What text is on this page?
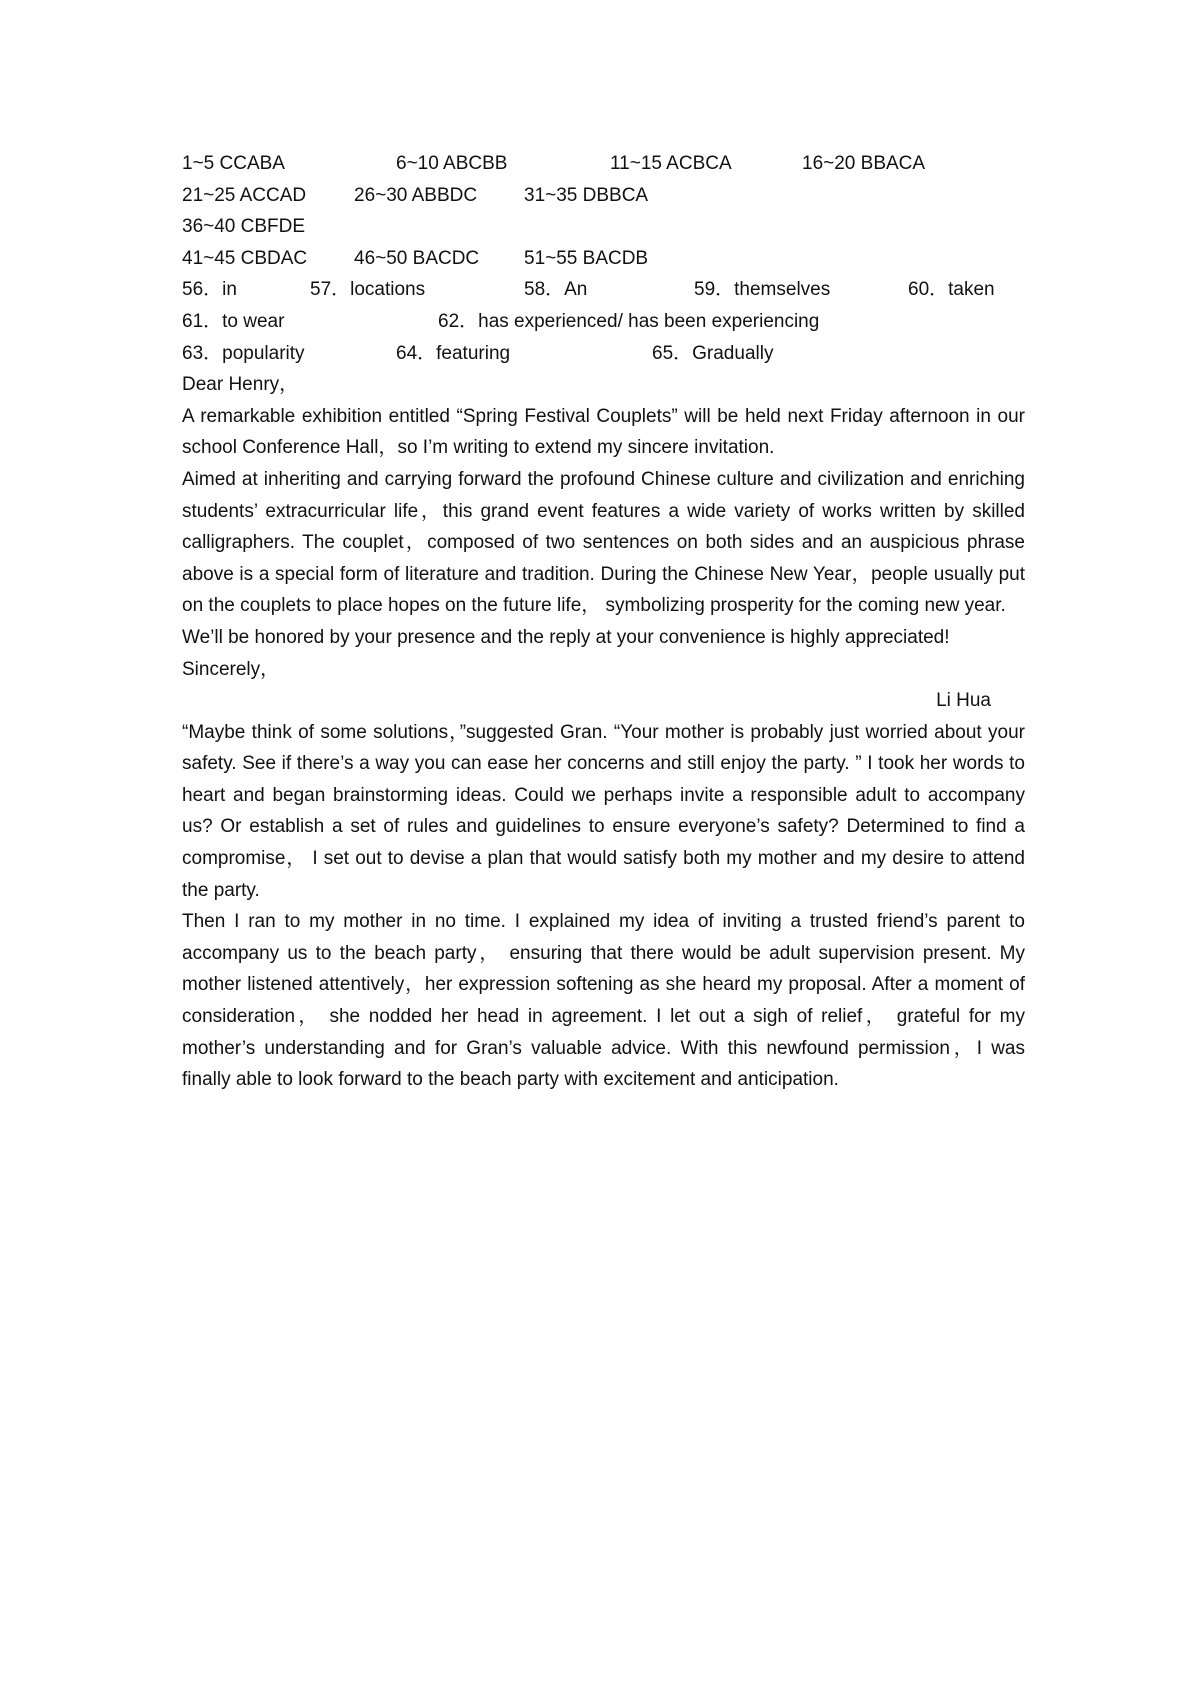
1~5 CCABA	6~10 ABCBB	11~15 ACBCA	16~20 BBACA
21~25 ACCAD	26~30 ABBDC 31~35 DBBCA
36~40 CBFDE
41~45 CBDAC 46~50 BACDC 51~55 BACDB
56．in	57．locations	58．An	59．themselves	60．taken
61．to wear	62．has experienced/ has been experiencing
63．popularity	64．featuring	65．Gradually
Dear Henry，
A remarkable exhibition entitled “Spring Festival Couplets” will be held next Friday afternoon in our school Conference Hall，so I’m writing to extend my sincere invitation.
Aimed at inheriting and carrying forward the profound Chinese culture and civilization and enriching students’ extracurricular life，this grand event features a wide variety of works written by skilled calligraphers. The couplet，composed of two sentences on both sides and an auspicious phrase above is a special form of literature and tradition. During the Chinese New Year，people usually put on the couplets to place hopes on the future life， symbolizing prosperity for the coming new year.
We’ll be honored by your presence and the reply at your convenience is highly appreciated!
Sincerely，
Li Hua
“Maybe think of some solutions，”suggested Gran. “Your mother is probably just worried about your safety. See if there’s a way you can ease her concerns and still enjoy the party. ” I took her words to heart and began brainstorming ideas. Could we perhaps invite a responsible adult to accompany us? Or establish a set of rules and guidelines to ensure everyone’s safety? Determined to find a compromise， I set out to devise a plan that would satisfy both my mother and my desire to attend the party.
Then I ran to my mother in no time. I explained my idea of inviting a trusted friend’s parent to accompany us to the beach party， ensuring that there would be adult supervision present. My mother listened attentively，her expression softening as she heard my proposal. After a moment of consideration， she nodded her head in agreement. I let out a sigh of relief， grateful for my mother’s understanding and for Gran’s valuable advice. With this newfound permission，I was finally able to look forward to the beach party with excitement and anticipation.
